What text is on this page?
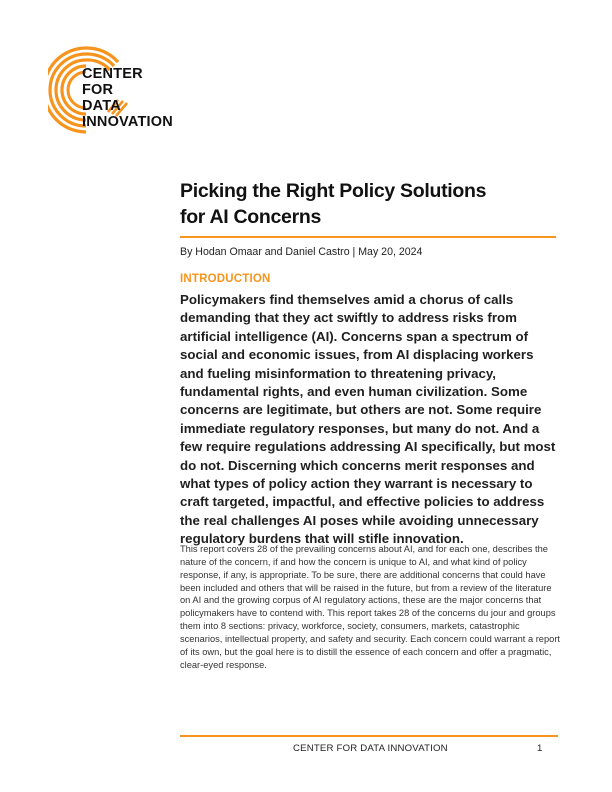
CENTER
FOR
DATA
INNOVATION
Picking the Right Policy Solutions
for AI Concerns
By Hodan Omaar and Daniel Castro | May 20, 2024
INTRODUCTION

Policymakers find themselves amid a chorus of calls demanding that they act swiftly to address risks from artificial intelligence (AI). Concerns span a spectrum of social and economic issues, from AI displacing workers and fueling misinformation to threatening privacy, fundamental rights, and even human civilization. Some concerns are legitimate, but others are not. Some require immediate regulatory responses, but many do not. And a few require regulations addressing AI specifically, but most do not. Discerning which concerns merit responses and what types of policy action they warrant is necessary to craft targeted, impactful, and effective policies to address the real challenges AI poses while avoiding unnecessary regulatory burdens that will stifle innovation.

This report covers 28 of the prevailing concerns about AI, and for each one, describes the nature of the concern, if and how the concern is unique to AI, and what kind of policy response, if any, is appropriate. To be sure, there are additional concerns that could have been included and others that will be raised in the future, but from a review of the literature on AI and the growing corpus of AI regulatory actions, these are the major concerns that policymakers have to contend with. This report takes 28 of the concerns du jour and groups them into 8 sections: privacy, workforce, society, consumers, markets, catastrophic scenarios, intellectual property, and safety and security. Each concern could warrant a report of its own, but the goal here is to distill the essence of each concern and offer a pragmatic, clear-eyed response.

CENTER FOR DATA INNOVATION	1
